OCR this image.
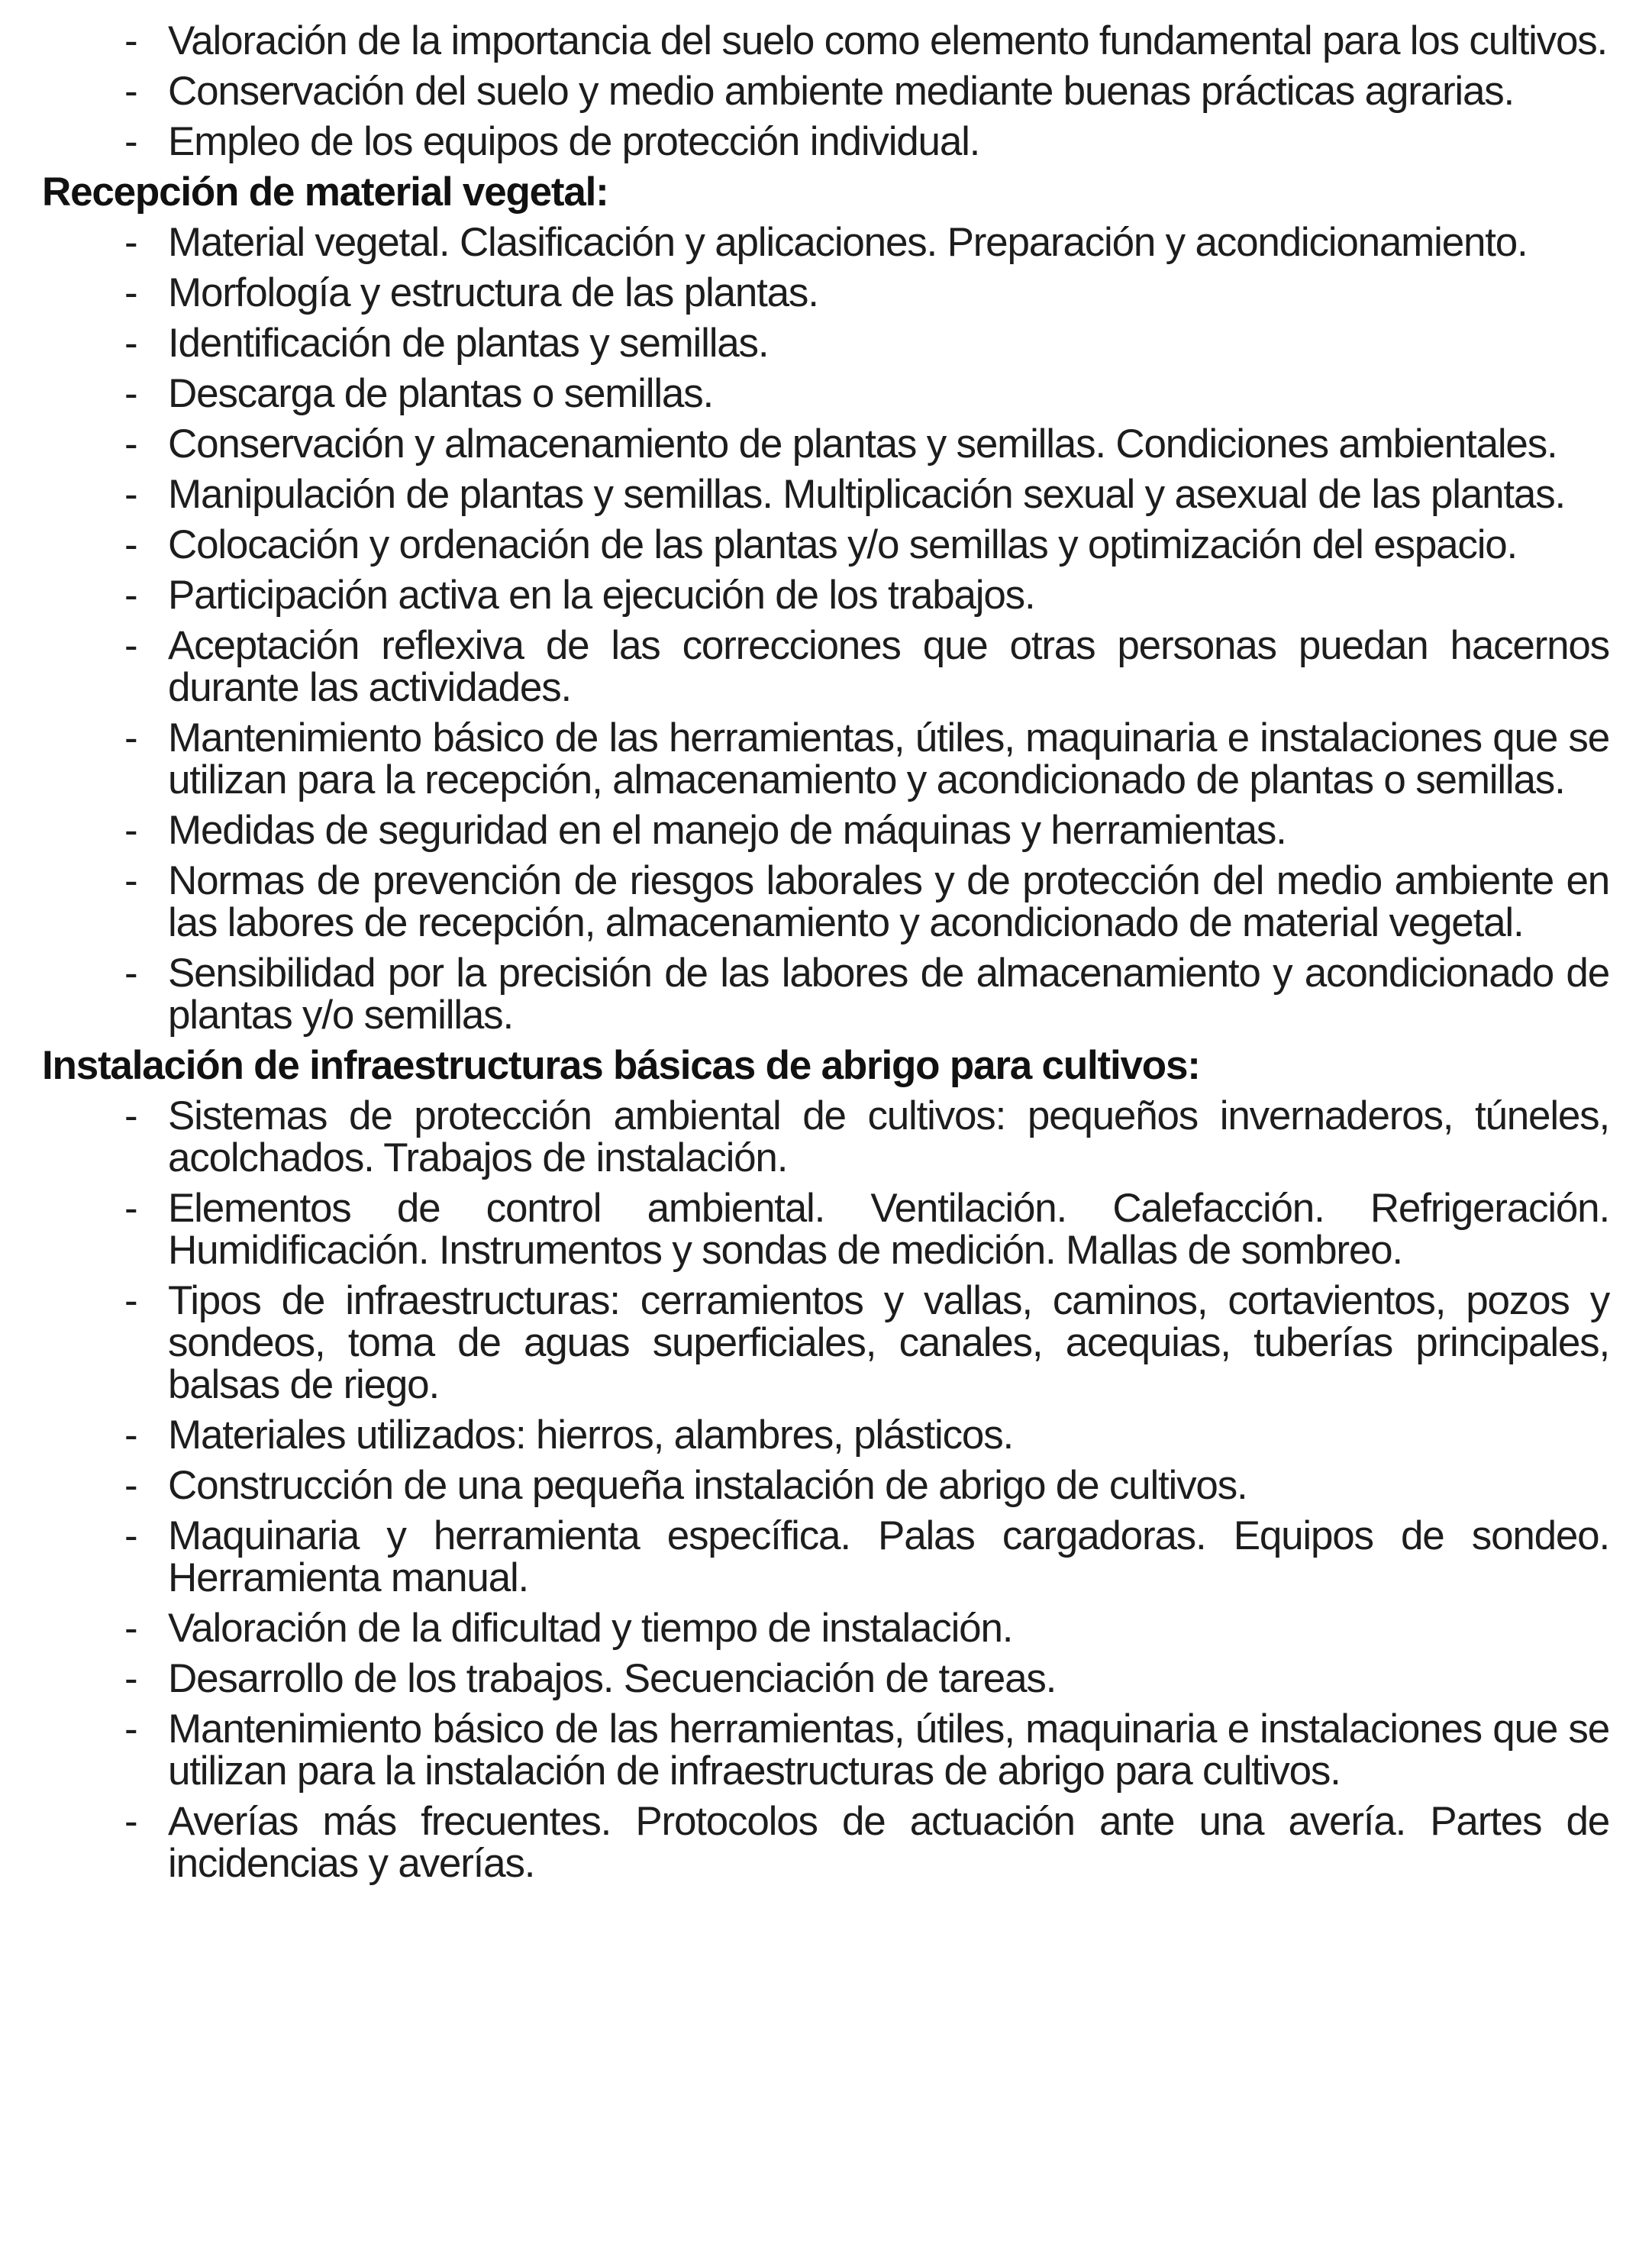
- Valoración de la importancia del suelo como elemento fundamental para los cultivos.
- Conservación del suelo y medio ambiente mediante buenas prácticas agrarias.
- Empleo de los equipos de protección individual.
Recepción de material vegetal:
- Material vegetal. Clasificación y aplicaciones. Preparación y acondicionamiento.
- Morfología y estructura de las plantas.
- Identificación de plantas y semillas.
- Descarga de plantas o semillas.
- Conservación y almacenamiento de plantas y semillas. Condiciones ambientales.
- Manipulación de plantas y semillas. Multiplicación sexual y asexual de las plantas.
- Colocación y ordenación de las plantas y/o semillas y optimización del espacio.
- Participación activa en la ejecución de los trabajos.
- Aceptación reflexiva de las correcciones que otras personas puedan hacernos durante las actividades.
- Mantenimiento básico de las herramientas, útiles, maquinaria e instalaciones que se utilizan para la recepción, almacenamiento y acondicionado de plantas o semillas.
- Medidas de seguridad en el manejo de máquinas y herramientas.
- Normas de prevención de riesgos laborales y de protección del medio ambiente en las labores de recepción, almacenamiento y acondicionado de material vegetal.
- Sensibilidad por la precisión de las labores de almacenamiento y acondicionado de plantas y/o semillas.
Instalación de infraestructuras básicas de abrigo para cultivos:
- Sistemas de protección ambiental de cultivos: pequeños invernaderos, túneles, acolchados. Trabajos de instalación.
- Elementos de control ambiental. Ventilación. Calefacción. Refrigeración. Humidificación. Instrumentos y sondas de medición. Mallas de sombreo.
- Tipos de infraestructuras: cerramientos y vallas, caminos, cortavientos, pozos y sondeos, toma de aguas superficiales, canales, acequias, tuberías principales, balsas de riego.
- Materiales utilizados: hierros, alambres, plásticos.
- Construcción de una pequeña instalación de abrigo de cultivos.
- Maquinaria y herramienta específica. Palas cargadoras. Equipos de sondeo. Herramienta manual.
- Valoración de la dificultad y tiempo de instalación.
- Desarrollo de los trabajos. Secuenciación de tareas.
- Mantenimiento básico de las herramientas, útiles, maquinaria e instalaciones que se utilizan para la instalación de infraestructuras de abrigo para cultivos.
- Averías más frecuentes. Protocolos de actuación ante una avería. Partes de incidencias y averías.
